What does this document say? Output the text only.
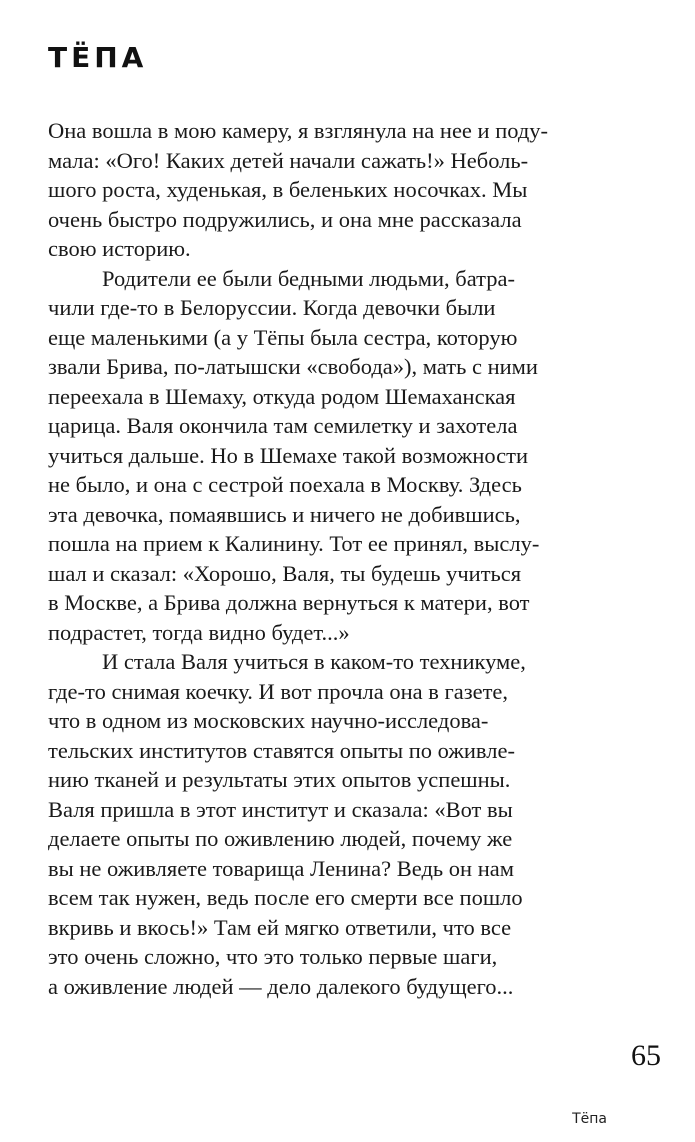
ТЁПА
Она вошла в мою камеру, я взглянула на нее и поду-
мала: «Ого! Каких детей начали сажать!» Неболь-
шого роста, худенькая, в беленьких носочках. Мы
очень быстро подружились, и она мне рассказала
свою историю.
Родители ее были бедными людьми, батра-
чили где-то в Белоруссии. Когда девочки были
еще маленькими (а у Тёпы была сестра, которую
звали Брива, по-латышски «свобода»), мать с ними
переехала в Шемаху, откуда родом Шемаханская
царица. Валя окончила там семилетку и захотела
учиться дальше. Но в Шемахе такой возможности
не было, и она с сестрой поехала в Москву. Здесь
эта девочка, помаявшись и ничего не добившись,
пошла на прием к Калинину. Тот ее принял, выслу-
шал и сказал: «Хорошо, Валя, ты будешь учиться
в Москве, а Брива должна вернуться к матери, вот
подрастет, тогда видно будет...»
И стала Валя учиться в каком-то техникуме,
где-то снимая коечку. И вот прочла она в газете,
что в одном из московских научно-исследова-
тельских институтов ставятся опыты по оживле-
нию тканей и результаты этих опытов успешны.
Валя пришла в этот институт и сказала: «Вот вы
делаете опыты по оживлению людей, почему же
вы не оживляете товарища Ленина? Ведь он нам
всем так нужен, ведь после его смерти все пошло
вкривь и вкось!» Там ей мягко ответили, что все
это очень сложно, что это только первые шаги,
а оживление людей — дело далекого будущего...
65
Тёпа
